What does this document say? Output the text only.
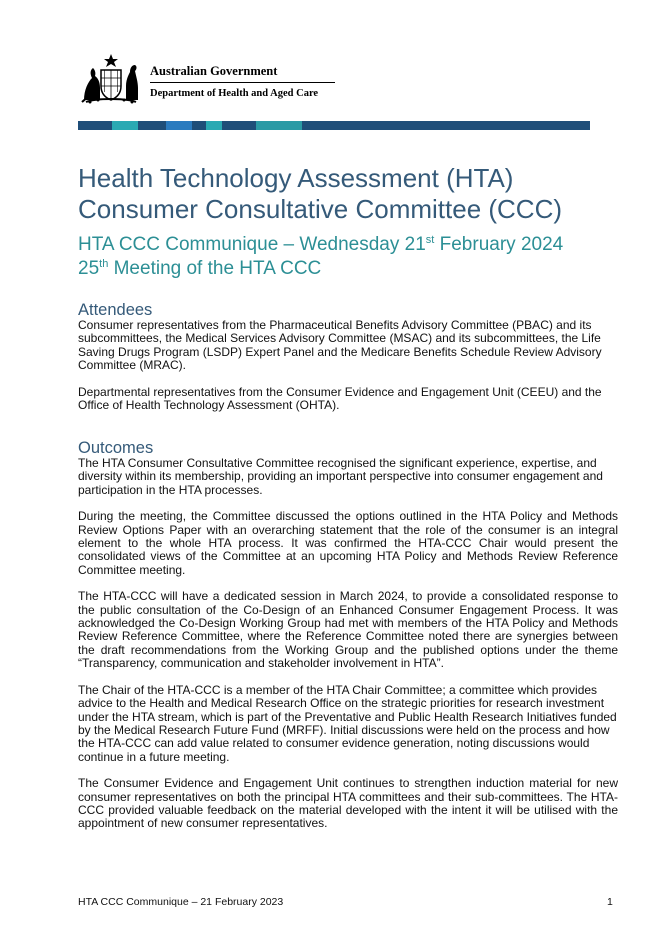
Australian Government
Department of Health and Aged Care
Health Technology Assessment (HTA)
Consumer Consultative Committee (CCC)
HTA CCC Communique – Wednesday 21st February 2024
25th Meeting of the HTA CCC
Attendees

Consumer representatives from the Pharmaceutical Benefits Advisory Committee (PBAC) and its subcommittees, the Medical Services Advisory Committee (MSAC) and its subcommittees, the Life Saving Drugs Program (LSDP) Expert Panel and the Medicare Benefits Schedule Review Advisory Committee (MRAC).

Departmental representatives from the Consumer Evidence and Engagement Unit (CEEU) and the Office of Health Technology Assessment (OHTA).

Outcomes

The HTA Consumer Consultative Committee recognised the significant experience, expertise, and diversity within its membership, providing an important perspective into consumer engagement and participation in the HTA processes.

During the meeting, the Committee discussed the options outlined in the HTA Policy and Methods Review Options Paper with an overarching statement that the role of the consumer is an integral element to the whole HTA process. It was confirmed the HTA-CCC Chair would present the consolidated views of the Committee at an upcoming HTA Policy and Methods Review Reference Committee meeting.

The HTA-CCC will have a dedicated session in March 2024, to provide a consolidated response to the public consultation of the Co-Design of an Enhanced Consumer Engagement Process. It was acknowledged the Co-Design Working Group had met with members of the HTA Policy and Methods Review Reference Committee, where the Reference Committee noted there are synergies between the draft recommendations from the Working Group and the published options under the theme “Transparency, communication and stakeholder involvement in HTA”.

The Chair of the HTA-CCC is a member of the HTA Chair Committee; a committee which provides advice to the Health and Medical Research Office on the strategic priorities for research investment under the HTA stream, which is part of the Preventative and Public Health Research Initiatives funded by the Medical Research Future Fund (MRFF). Initial discussions were held on the process and how the HTA-CCC can add value related to consumer evidence generation, noting discussions would continue in a future meeting.

The Consumer Evidence and Engagement Unit continues to strengthen induction material for new consumer representatives on both the principal HTA committees and their sub-committees. The HTA-CCC provided valuable feedback on the material developed with the intent it will be utilised with the appointment of new consumer representatives.

HTA CCC Communique – 21 February 2023	1
